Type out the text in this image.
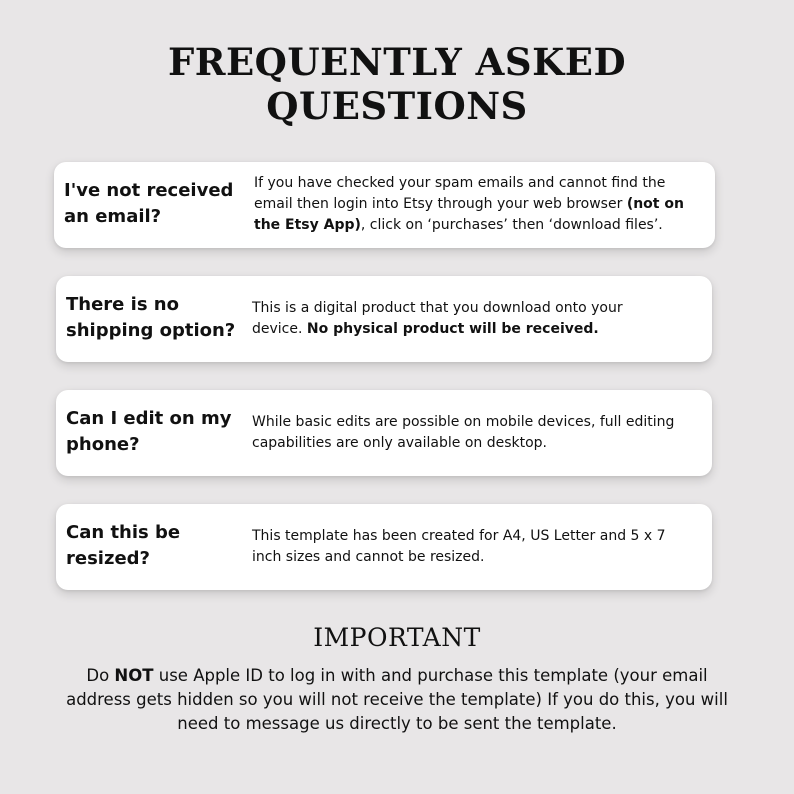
FREQUENTLY ASKED
QUESTIONS
I've not received
an email?
If you have checked your spam emails and cannot find the email then login into Etsy through your web browser (not on the Etsy App), click on ‘purchases’ then ‘download files’.
There is no
shipping option?
This is a digital product that you download onto your device. No physical product will be received.
Can I edit on my
phone?
While basic edits are possible on mobile devices, full editing capabilities are only available on desktop.
Can this be
resized?
This template has been created for A4, US Letter and 5 x 7 inch sizes and cannot be resized.
IMPORTANT
Do NOT use Apple ID to log in with and purchase this template (your email address gets hidden so you will not receive the template) If you do this, you will need to message us directly to be sent the template.
